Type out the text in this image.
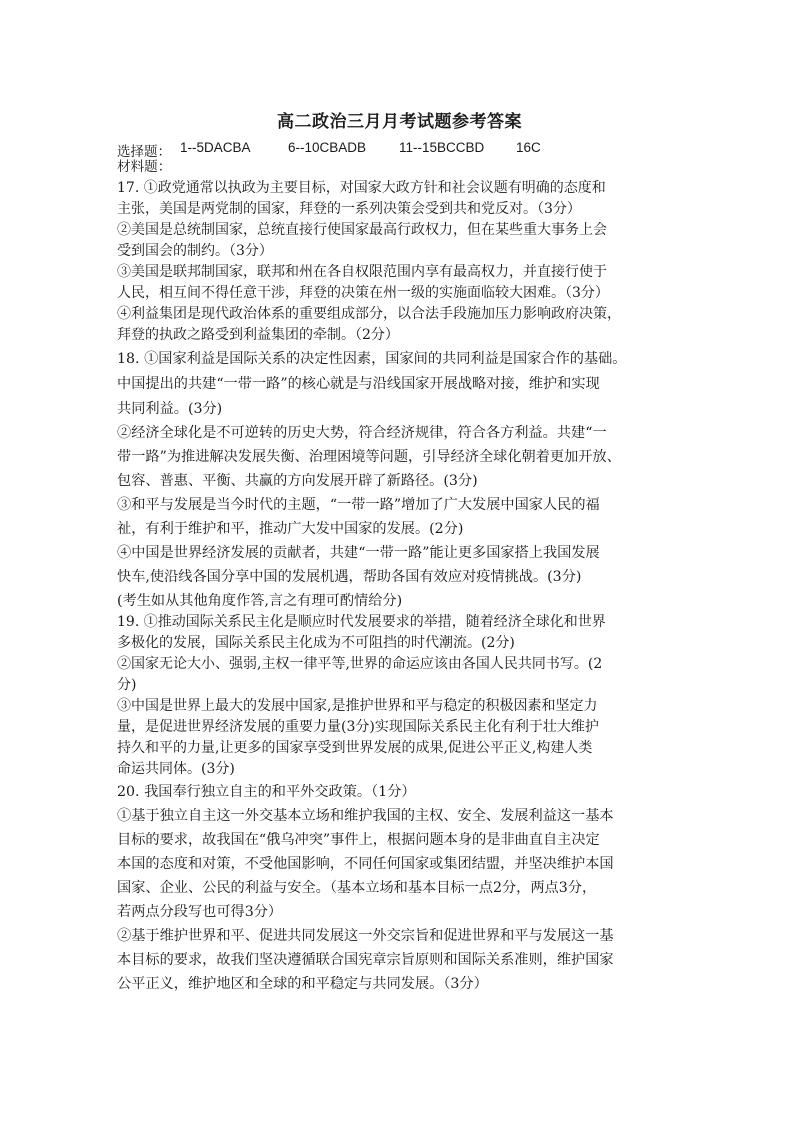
高二政治三月月考试题参考答案
选择题： 1--5DACBA	6--10CBADB 11--15BCCBD 16C
材料题：
17. ①政党通常以执政为主要目标，对国家大政方针和社会议题有明确的态度和
主张，美国是两党制的国家，拜登的一系列决策会受到共和党反对。（3分）
②美国是总统制国家，总统直接行使国家最高行政权力，但在某些重大事务上会
受到国会的制约。（3分）
③美国是联邦制国家，联邦和州在各自权限范围内享有最高权力，并直接行使于
人民，相互间不得任意干涉，拜登的决策在州一级的实施面临较大困难。（3分）
④利益集团是现代政治体系的重要组成部分，以合法手段施加压力影响政府决策，
拜登的执政之路受到利益集团的牵制。（2分）
18. ①国家利益是国际关系的决定性因素，国家间的共同利益是国家合作的基础。
中国提出的共建“一带一路”的核心就是与沿线国家开展战略对接，维护和实现
共同利益。(3分)
②经济全球化是不可逆转的历史大势，符合经济规律，符合各方利益。共建“一
带一路”为推进解决发展失衡、治理困境等问题，引导经济全球化朝着更加开放、
包容、普惠、平衡、共赢的方向发展开辟了新路径。(3分)
③和平与发展是当今时代的主题，“一带一路”增加了广大发展中国家人民的福
祉，有利于维护和平，推动广大发中国家的发展。(2分)
④中国是世界经济发展的贡献者，共建“一带一路”能让更多国家搭上我国发展
快车,使沿线各国分享中国的发展机遇，帮助各国有效应对疫情挑战。(3分)
(考生如从其他角度作答,言之有理可酌情给分)
19. ①推动国际关系民主化是顺应时代发展要求的举措，随着经济全球化和世界
多极化的发展，国际关系民主化成为不可阻挡的时代潮流。(2分)
②国家无论大小、强弱,主权一律平等,世界的命运应该由各国人民共同书写。(2
分)
③中国是世界上最大的发展中国家,是推护世界和平与稳定的积极因素和坚定力
量，是促进世界经济发展的重要力量(3分)实现国际关系民主化有利于壮大维护
持久和平的力量,让更多的国家享受到世界发展的成果,促进公平正义,构建人类
命运共同体。(3分)
20. 我国奉行独立自主的和平外交政策。（1分）
①基于独立自主这一外交基本立场和维护我国的主权、安全、发展利益这一基本
目标的要求，故我国在“俄乌冲突”事件上，根据问题本身的是非曲直自主决定
本国的态度和对策，不受他国影响，不同任何国家或集团结盟，并坚决维护本国
国家、企业、公民的利益与安全。（基本立场和基本目标一点2分，两点3分，
若两点分段写也可得3分）
②基于维护世界和平、促进共同发展这一外交宗旨和促进世界和平与发展这一基
本目标的要求，故我们坚决遵循联合国宪章宗旨原则和国际关系准则，维护国家
公平正义，维护地区和全球的和平稳定与共同发展。（3分）
